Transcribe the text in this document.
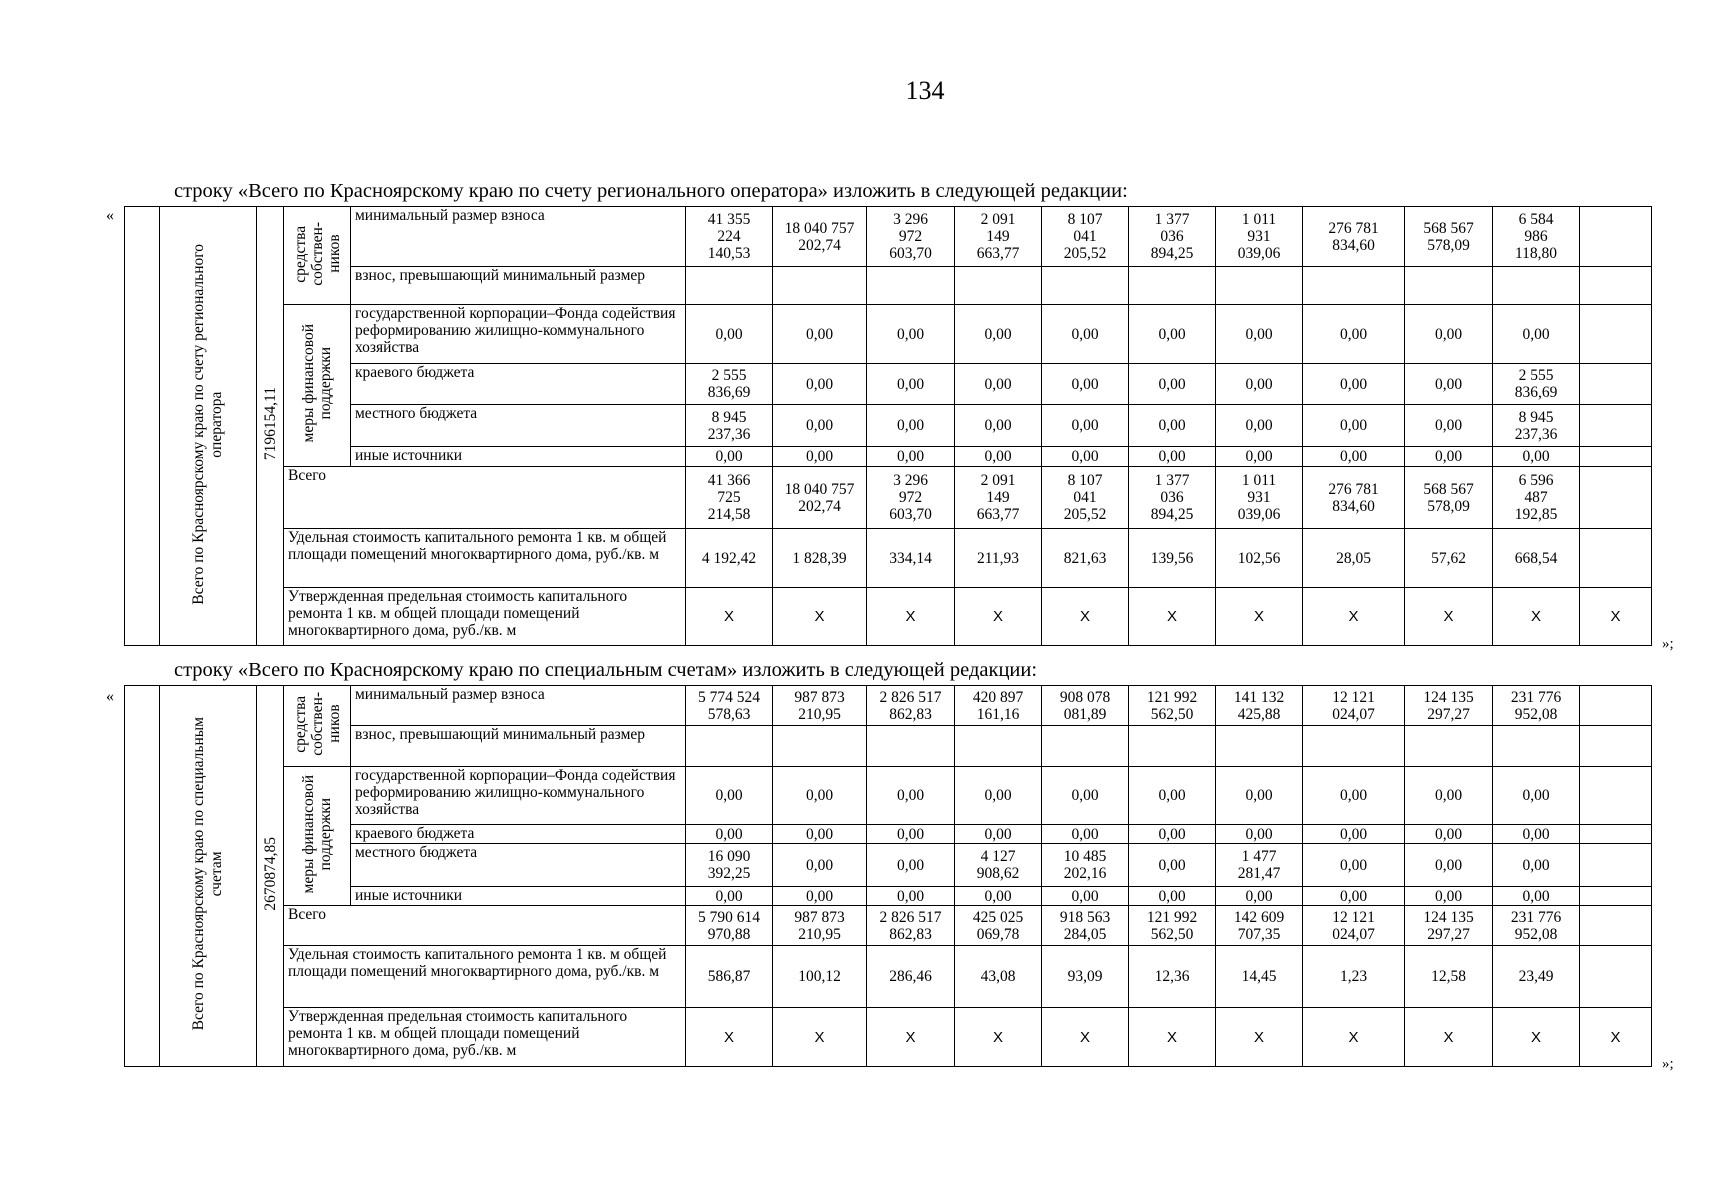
134
строку «Всего по Красноярскому краю по счету регионального оператора» изложить в следующей редакции:
«
»;
	Всего по Красноярскому краю по счету регионального
оператора	7196154,11	средства
собствен-
ников	минимальный размер взноса	41 355
224
140,53	18 040 757
202,74	3 296
972
603,70	2 091
149
663,77	8 107
041
205,52	1 377
036
894,25	1 011
931
039,06	276 781
834,60	568 567
578,09	6 584
986
118,80	
				взнос, превышающий минимальный размер											
			меры финансовой
поддержки	государственной корпорации–Фонда содействия реформированию жилищно-коммунального хозяйства	0,00	0,00	0,00	0,00	0,00	0,00	0,00	0,00	0,00	0,00	
				краевого бюджета	2 555
836,69	0,00	0,00	0,00	0,00	0,00	0,00	0,00	0,00	2 555
836,69	
				местного бюджета	8 945
237,36	0,00	0,00	0,00	0,00	0,00	0,00	0,00	0,00	8 945
237,36	
				иные источники	0,00	0,00	0,00	0,00	0,00	0,00	0,00	0,00	0,00	0,00	
			Всего		41 366
725
214,58	18 040 757
202,74	3 296
972
603,70	2 091
149
663,77	8 107
041
205,52	1 377
036
894,25	1 011
931
039,06	276 781
834,60	568 567
578,09	6 596
487
192,85	
			Удельная стоимость капитального ремонта 1 кв. м общей площади помещений многоквартирного дома, руб./кв. м		4 192,42	1 828,39	334,14	211,93	821,63	139,56	102,56	28,05	57,62	668,54	
			Утвержденная предельная стоимость капитального ремонта 1 кв. м общей площади помещений многоквартирного дома, руб./кв. м		X	X	X	X	X	X	X	X	X	X	X
строку «Всего по Красноярскому краю по специальным счетам» изложить в следующей редакции:
«
»;
	Всего по Красноярскому краю по специальным
счетам	2670874,85	средства
собствен-
ников	минимальный размер взноса	5 774 524
578,63	987 873
210,95	2 826 517
862,83	420 897
161,16	908 078
081,89	121 992
562,50	141 132
425,88	12 121
024,07	124 135
297,27	231 776
952,08	
				взнос, превышающий минимальный размер											
			меры финансовой
поддержки	государственной корпорации–Фонда содействия реформированию жилищно-коммунального хозяйства	0,00	0,00	0,00	0,00	0,00	0,00	0,00	0,00	0,00	0,00	
				краевого бюджета	0,00	0,00	0,00	0,00	0,00	0,00	0,00	0,00	0,00	0,00	
				местного бюджета	16 090
392,25	0,00	0,00	4 127
908,62	10 485
202,16	0,00	1 477
281,47	0,00	0,00	0,00	
				иные источники	0,00	0,00	0,00	0,00	0,00	0,00	0,00	0,00	0,00	0,00	
			Всего		5 790 614
970,88	987 873
210,95	2 826 517
862,83	425 025
069,78	918 563
284,05	121 992
562,50	142 609
707,35	12 121
024,07	124 135
297,27	231 776
952,08	
			Удельная стоимость капитального ремонта 1 кв. м общей площади помещений многоквартирного дома, руб./кв. м		586,87	100,12	286,46	43,08	93,09	12,36	14,45	1,23	12,58	23,49	
			Утвержденная предельная стоимость капитального ремонта 1 кв. м общей площади помещений многоквартирного дома, руб./кв. м		X	X	X	X	X	X	X	X	X	X	X
